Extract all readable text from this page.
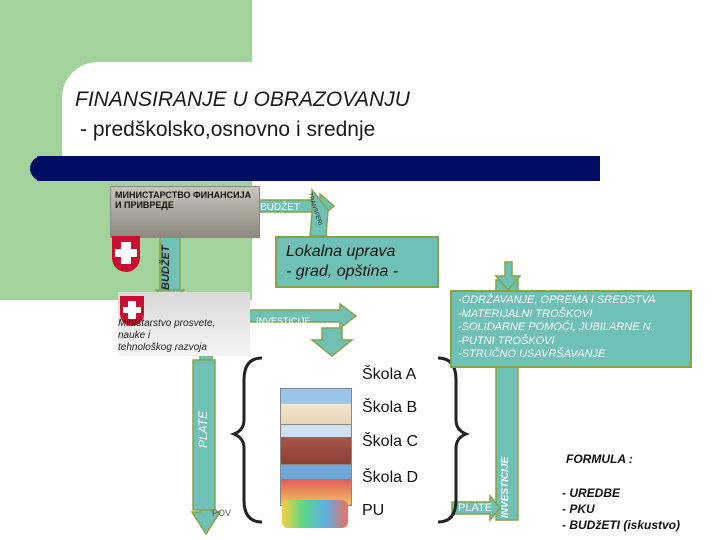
FINANSIRANJE U OBRAZOVANJU
- predškolsko,osnovno i srednje
МИНИСТАРСТВО ФИНАНСИЈА
И ПРИВРЕДЕ	BUDŽET
BUDŽET
TRANSFERI
Lokalna uprava
- grad, opština -
Ministarstvo prosvete,
nauke i
tehnološkog razvoja
INVESTICIJE
-ODRŽAVANJE, OPREMA I SREDSTVA
-MATERIJALNI TROŠKOVI
-SOLIDARNE POMOĆI, JUBILARNE N.
-PUTNI TROŠKOVI
-STRUČNO USAVRŠAVANJE
PLATE
INVESTICIJE
Škola A
Škola B
Škola C
Škola D
PU	PLATE
POV
FORMULA :
- UREDBE
- PKU
- BUDžETI (iskustvo)
